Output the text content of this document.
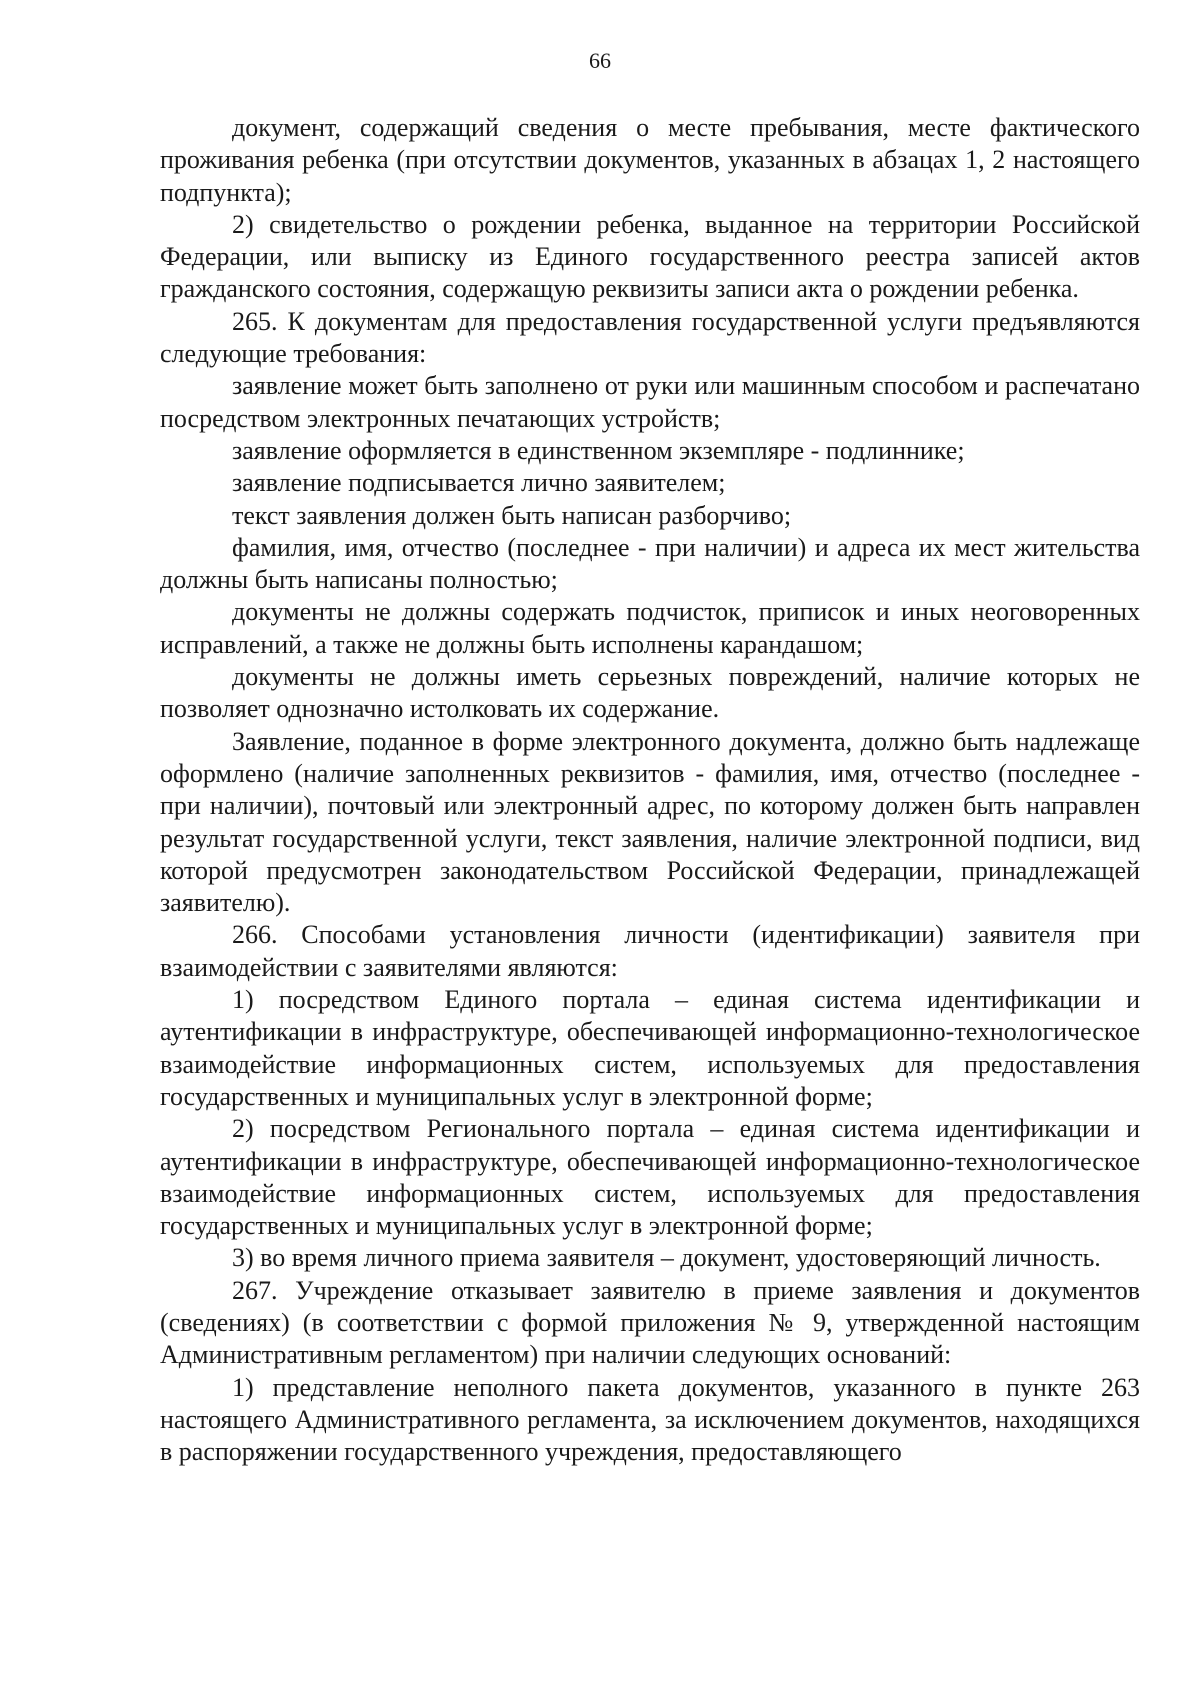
66

документ, содержащий сведения о месте пребывания, месте фактического проживания ребенка (при отсутствии документов, указанных в абзацах 1, 2 настоящего подпункта);

2) свидетельство о рождении ребенка, выданное на территории Российской Федерации, или выписку из Единого государственного реестра записей актов гражданского состояния, содержащую реквизиты записи акта о рождении ребенка.

265. К документам для предоставления государственной услуги предъявляются следующие требования:

заявление может быть заполнено от руки или машинным способом и распечатано посредством электронных печатающих устройств;

заявление оформляется в единственном экземпляре - подлиннике;

заявление подписывается лично заявителем;

текст заявления должен быть написан разборчиво;

фамилия, имя, отчество (последнее - при наличии) и адреса их мест жительства должны быть написаны полностью;

документы не должны содержать подчисток, приписок и иных неоговоренных исправлений, а также не должны быть исполнены карандашом;

документы не должны иметь серьезных повреждений, наличие которых не позволяет однозначно истолковать их содержание.

Заявление, поданное в форме электронного документа, должно быть надлежаще оформлено (наличие заполненных реквизитов - фамилия, имя, отчество (последнее - при наличии), почтовый или электронный адрес, по которому должен быть направлен результат государственной услуги, текст заявления, наличие электронной подписи, вид которой предусмотрен законодательством Российской Федерации, принадлежащей заявителю).

266. Способами установления личности (идентификации) заявителя при взаимодействии с заявителями являются:

1) посредством Единого портала – единая система идентификации и аутентификации в инфраструктуре, обеспечивающей информационно-технологическое взаимодействие информационных систем, используемых для предоставления государственных и муниципальных услуг в электронной форме;

2) посредством Регионального портала – единая система идентификации и аутентификации в инфраструктуре, обеспечивающей информационно-технологическое взаимодействие информационных систем, используемых для предоставления государственных и муниципальных услуг в электронной форме;

3) во время личного приема заявителя – документ, удостоверяющий личность.

267. Учреждение отказывает заявителю в приеме заявления и документов (сведениях) (в соответствии с формой приложения № 9, утвержденной настоящим Административным регламентом) при наличии следующих оснований:

1) представление неполного пакета документов, указанного в пункте 263 настоящего Административного регламента, за исключением документов, находящихся в распоряжении государственного учреждения, предоставляющего
